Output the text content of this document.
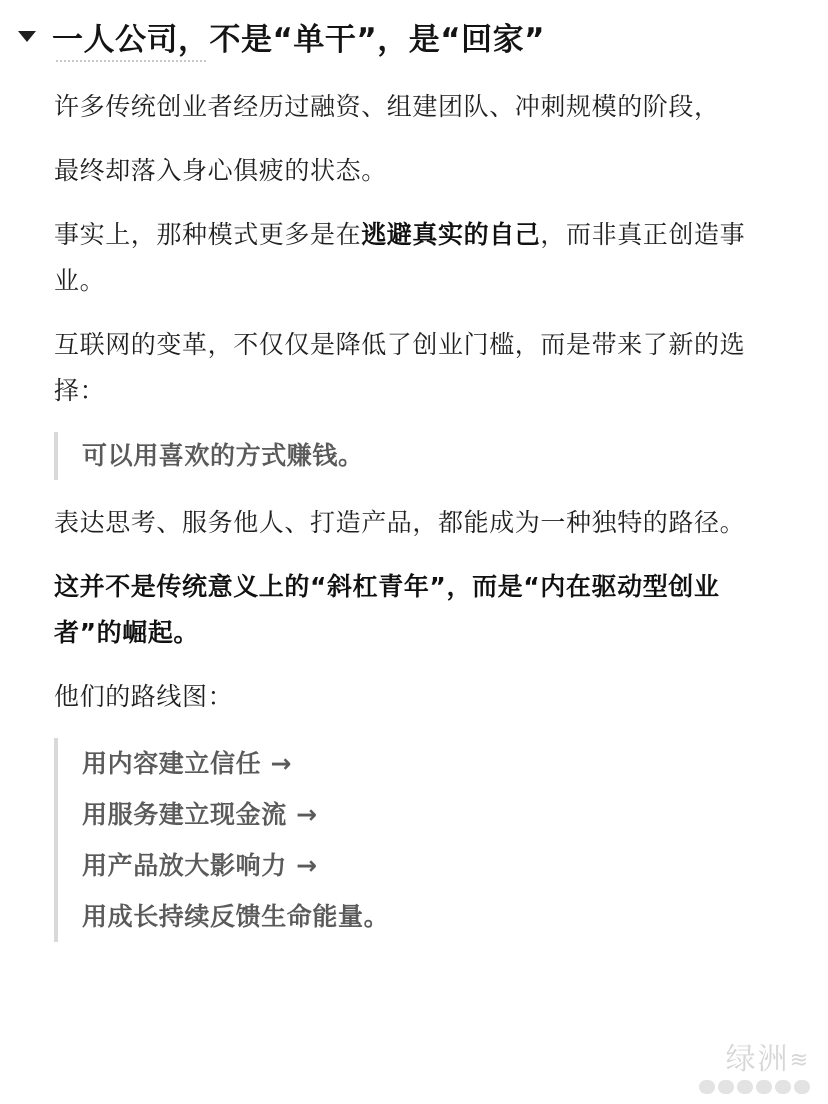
一人公司，不是“单干”，是“回家”

许多传统创业者经历过融资、组建团队、冲刺规模的阶段，

最终却落入身心俱疲的状态。

事实上，那种模式更多是在逃避真实的自己，而非真正创造事业。

互联网的变革，不仅仅是降低了创业门槛，而是带来了新的选择：

可以用喜欢的方式赚钱。

表达思考、服务他人、打造产品，都能成为一种独特的路径。

这并不是传统意义上的“斜杠青年”，而是“内在驱动型创业者”的崛起。

他们的路线图：

用内容建立信任 →
用服务建立现金流 →
用产品放大影响力 →
用成长持续反馈生命能量。
绿洲≋
